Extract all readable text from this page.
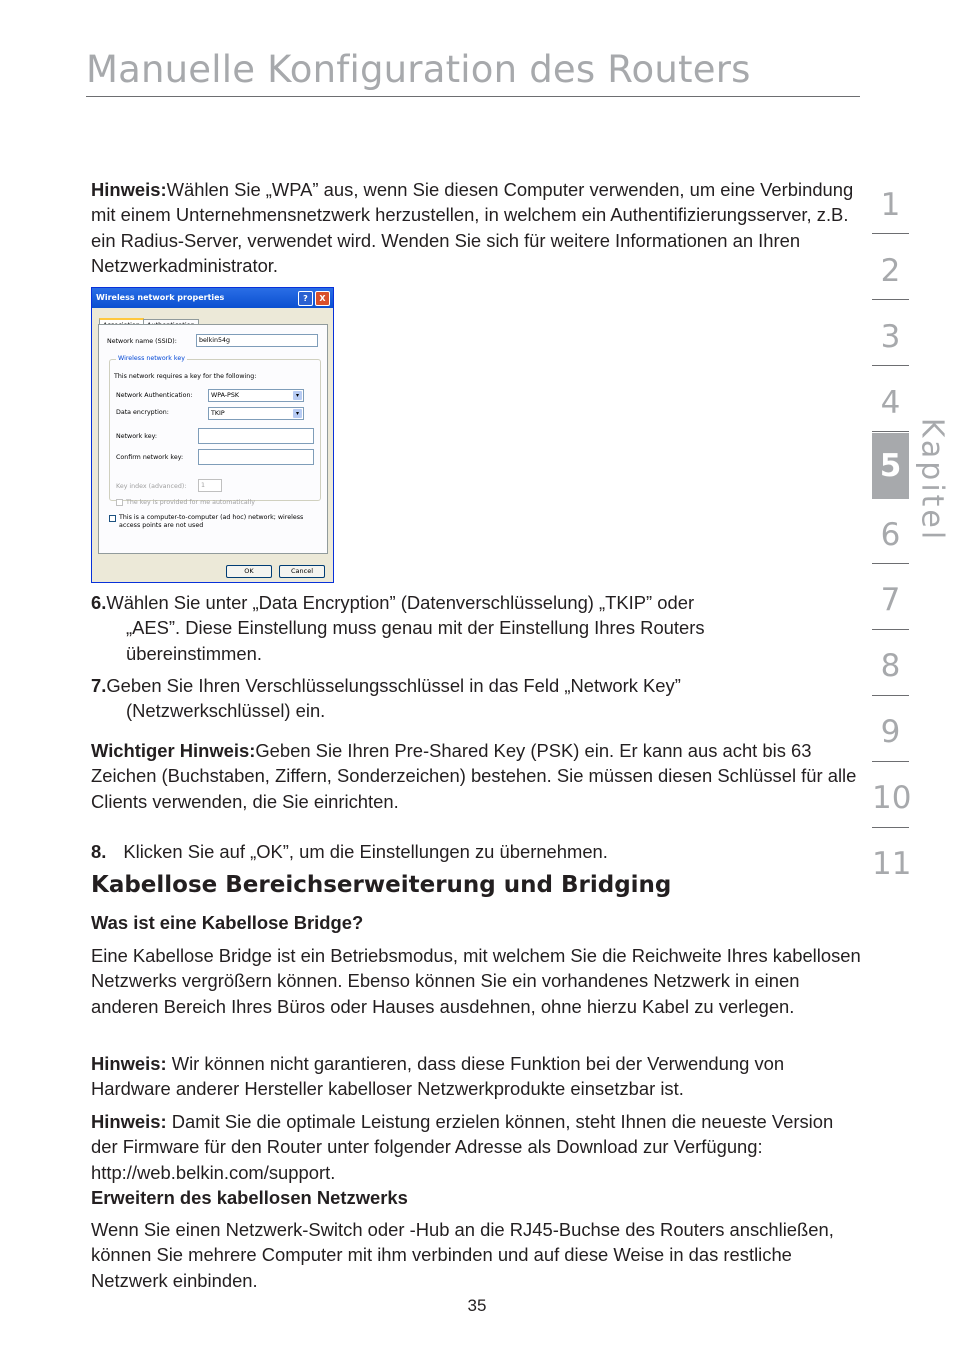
Manuelle Konfiguration des Routers
1
2
3
4
5
6
7
8
9
10
11
Kapitel

Hinweis:Wählen Sie „WPA” aus, wenn Sie diesen Computer verwenden, um eine Verbindung mit einem Unternehmensnetzwerk herzustellen, in welchem ein Authentifizierungsserver, z.B. ein Radius-Server, verwendet wird. Wenden Sie sich für weitere Informationen an Ihren Netzwerkadministrator.

Wireless network properties	?	X
Network name (SSID):	belkin54g
Wireless network key
This network requires a key for the following:
Network Authentication:	WPA-PSK	▾
Data encryption:	TKIP	▾
Network key:
Confirm network key:
Key index (advanced):	1
The key is provided for me automatically
This is a computer-to-computer (ad hoc) network; wireless access points are not used
OK	Cancel

6.Wählen Sie unter „Data Encryption” (Datenverschlüsselung) „TKIP” oder

„AES”. Diese Einstellung muss genau mit der Einstellung Ihres Routers

übereinstimmen.

7.Geben Sie Ihren Verschlüsselungsschlüssel in das Feld „Network Key”

(Netzwerkschlüssel) ein.

Wichtiger Hinweis:Geben Sie Ihren Pre-Shared Key (PSK) ein. Er kann aus acht bis 63 Zeichen (Buchstaben, Ziffern, Sonderzeichen) bestehen. Sie müssen diesen Schlüssel für alle Clients verwenden, die Sie einrichten.

8. Klicken Sie auf „OK”, um die Einstellungen zu übernehmen.

Kabellose Bereichserweiterung und Bridging
Was ist eine Kabellose Bridge?
Eine Kabellose Bridge ist ein Betriebsmodus, mit welchem Sie die Reichweite Ihres kabellosen Netzwerks vergrößern können. Ebenso können Sie ein vorhandenes Netzwerk in einen anderen Bereich Ihres Büros oder Hauses ausdehnen, ohne hierzu Kabel zu verlegen.

Hinweis: Wir können nicht garantieren, dass diese Funktion bei der Verwendung von Hardware anderer Hersteller kabelloser Netzwerkprodukte einsetzbar ist.

Hinweis: Damit Sie die optimale Leistung erzielen können, steht Ihnen die neueste Version der Firmware für den Router unter folgender Adresse als Download zur Verfügung: http://web.belkin.com/support.

Erweitern des kabellosen Netzwerks
Wenn Sie einen Netzwerk-Switch oder -Hub an die RJ45-Buchse des Routers anschließen, können Sie mehrere Computer mit ihm verbinden und auf diese Weise in das restliche Netzwerk einbinden.
35
